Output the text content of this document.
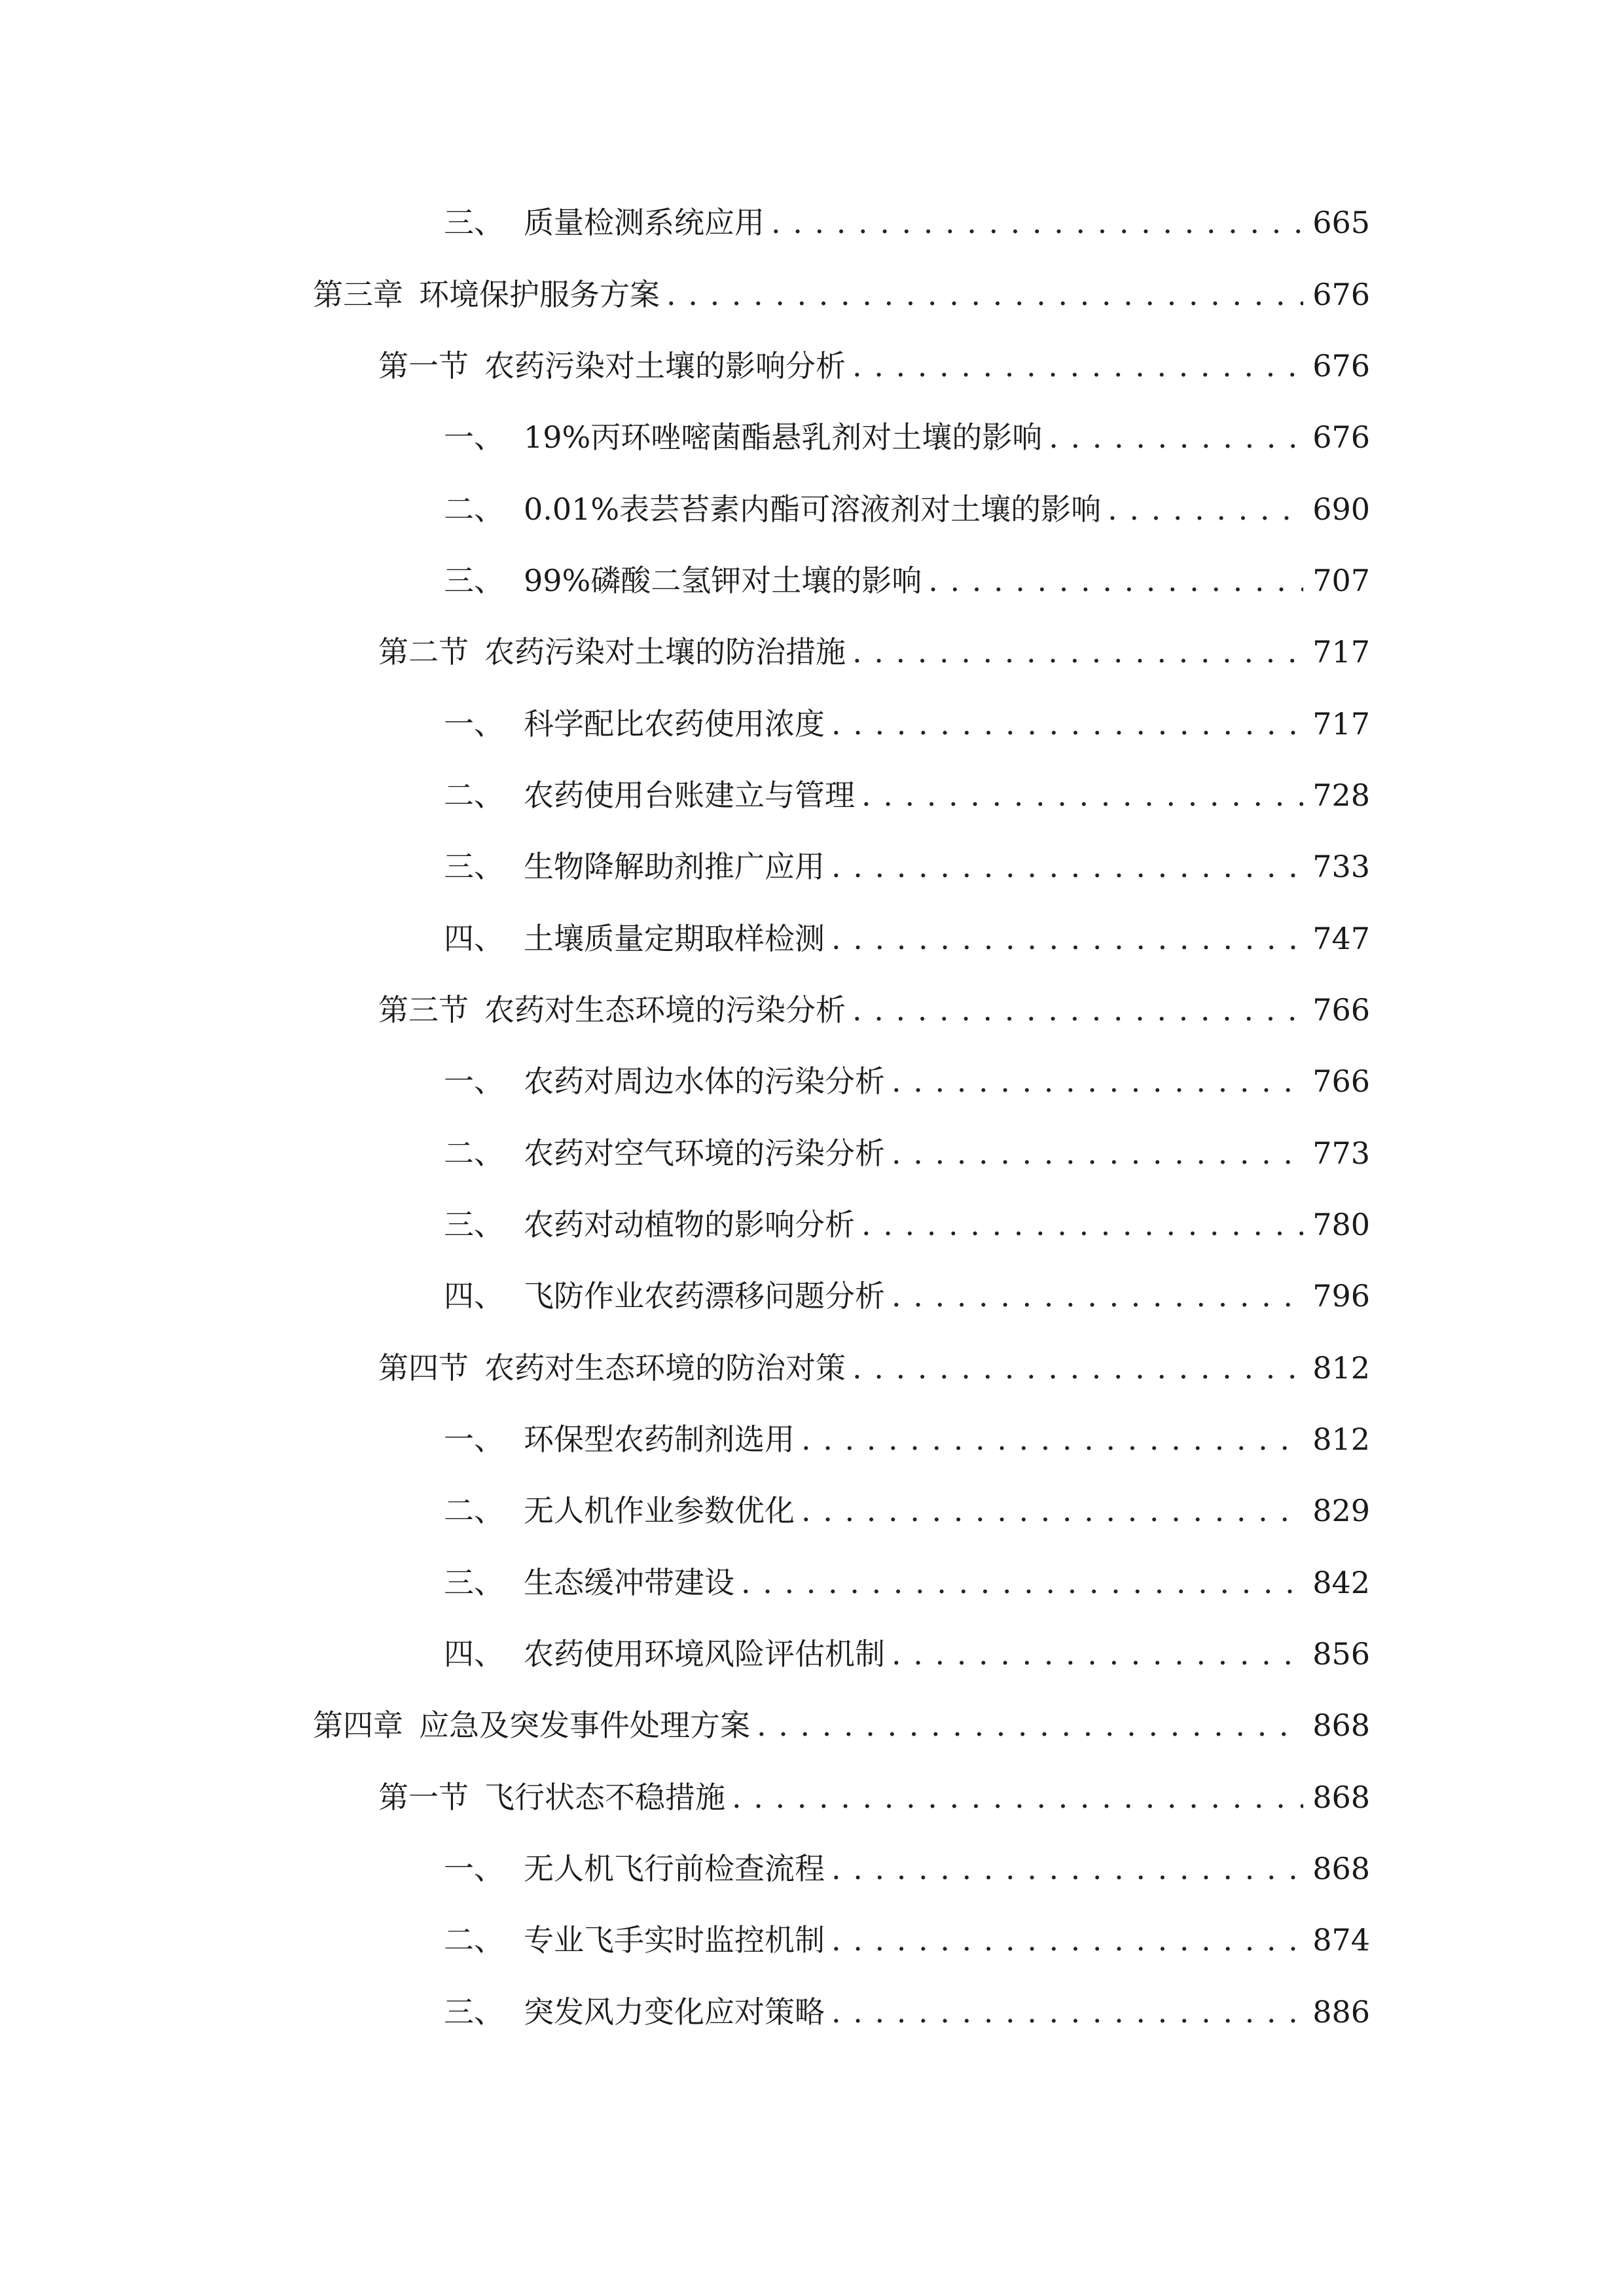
三、 质量检测系统应用 . . .	665
第三章 环境保护服务方案 . . .	676
第一节 农药污染对土壤的影响分析 . . .	676
一、 19%丙环唑嘧菌酯悬乳剂对土壤的影响 . . .	676
二、 0.01%表芸苔素内酯可溶液剂对土壤的影响 . . .	690
三、 99%磷酸二氢钾对土壤的影响 . . .	707
第二节 农药污染对土壤的防治措施 . . .	717
一、 科学配比农药使用浓度 . . .	717
二、 农药使用台账建立与管理 . . .	728
三、 生物降解助剂推广应用 . . .	733
四、 土壤质量定期取样检测 . . .	747
第三节 农药对生态环境的污染分析 . . .	766
一、 农药对周边水体的污染分析 . . .	766
二、 农药对空气环境的污染分析 . . .	773
三、 农药对动植物的影响分析 . . .	780
四、 飞防作业农药漂移问题分析 . . .	796
第四节 农药对生态环境的防治对策 . . .	812
一、 环保型农药制剂选用 . . .	812
二、 无人机作业参数优化 . . .	829
三、 生态缓冲带建设 . . .	842
四、 农药使用环境风险评估机制 . . .	856
第四章 应急及突发事件处理方案 . . .	868
第一节 飞行状态不稳措施 . . .	868
一、 无人机飞行前检查流程 . . .	868
二、 专业飞手实时监控机制 . . .	874
三、 突发风力变化应对策略 . . .	886
